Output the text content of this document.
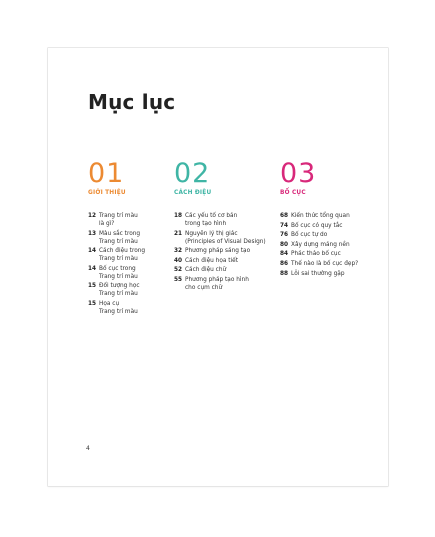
Mục lục
01
GIỚI THIỆU
12 Trang trí màu
là gì?
13 Màu sắc trong
Trang trí màu
14 Cách điệu trong
Trang trí màu
14 Bố cục trong
Trang trí màu
15 Đối tượng học
Trang trí màu
15 Họa cụ
Trang trí màu
02
CÁCH ĐIỆU
18 Các yếu tố cơ bản
trong tạo hình
21 Nguyên lý thị giác
(Principles of Visual Design)
32 Phương pháp sáng tạo
40 Cách điệu họa tiết
52 Cách điệu chữ
55 Phương pháp tạo hình
cho cụm chữ
03
BỐ CỤC
68 Kiến thức tổng quan
74 Bố cục có quy tắc
76 Bố cục tự do
80 Xây dựng mảng nền
84 Phác thảo bố cục
86 Thế nào là bố cục đẹp?
88 Lỗi sai thường gặp
4
